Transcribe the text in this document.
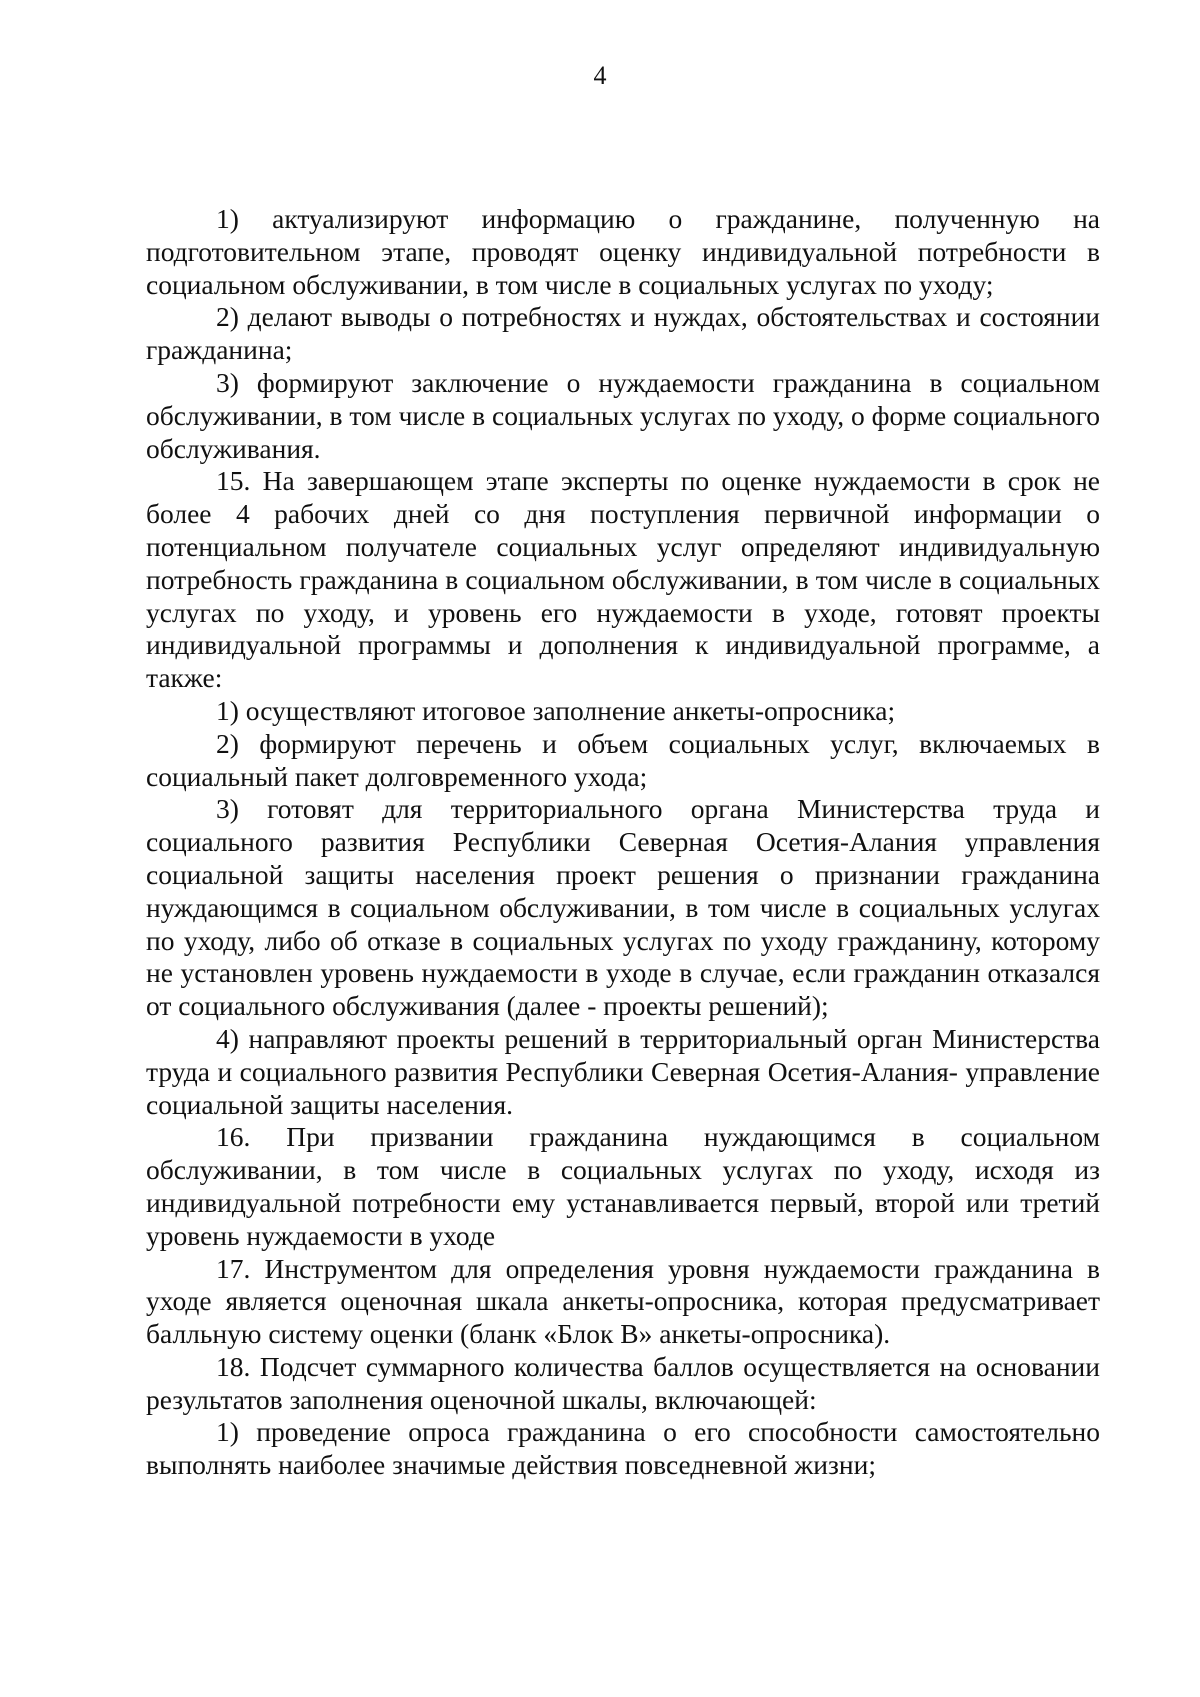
4

1) актуализируют информацию о гражданине, полученную на подготовительном этапе, проводят оценку индивидуальной потребности в социальном обслуживании, в том числе в социальных услугах по уходу;

2) делают выводы о потребностях и нуждах, обстоятельствах и состоянии гражданина;

3) формируют заключение о нуждаемости гражданина в социальном обслуживании, в том числе в социальных услугах по уходу, о форме социального обслуживания.

15. На завершающем этапе эксперты по оценке нуждаемости в срок не более 4 рабочих дней со дня поступления первичной информации о потенциальном получателе социальных услуг определяют индивидуальную потребность гражданина в социальном обслуживании, в том числе в социальных услугах по уходу, и уровень его нуждаемости в уходе, готовят проекты индивидуальной программы и дополнения к индивидуальной программе, а также:

1) осуществляют итоговое заполнение анкеты-опросника;

2) формируют перечень и объем социальных услуг, включаемых в социальный пакет долговременного ухода;

3) готовят для территориального органа Министерства труда и социального развития Республики Северная Осетия-Алания управления социальной защиты населения проект решения о признании гражданина нуждающимся в социальном обслуживании, в том числе в социальных услугах по уходу, либо об отказе в социальных услугах по уходу гражданину, которому не установлен уровень нуждаемости в уходе в случае, если гражданин отказался от социального обслуживания (далее - проекты решений);

4) направляют проекты решений в территориальный орган Министерства труда и социального развития Республики Северная Осетия-Алания- управление социальной защиты населения.

16. При призвании гражданина нуждающимся в социальном обслуживании, в том числе в социальных услугах по уходу, исходя из индивидуальной потребности ему устанавливается первый, второй или третий уровень нуждаемости в уходе

17. Инструментом для определения уровня нуждаемости гражданина в уходе является оценочная шкала анкеты-опросника, которая предусматривает балльную систему оценки (бланк «Блок В» анкеты-опросника).

18. Подсчет суммарного количества баллов осуществляется на основании результатов заполнения оценочной шкалы, включающей:

1) проведение опроса гражданина о его способности самостоятельно выполнять наиболее значимые действия повседневной жизни;
